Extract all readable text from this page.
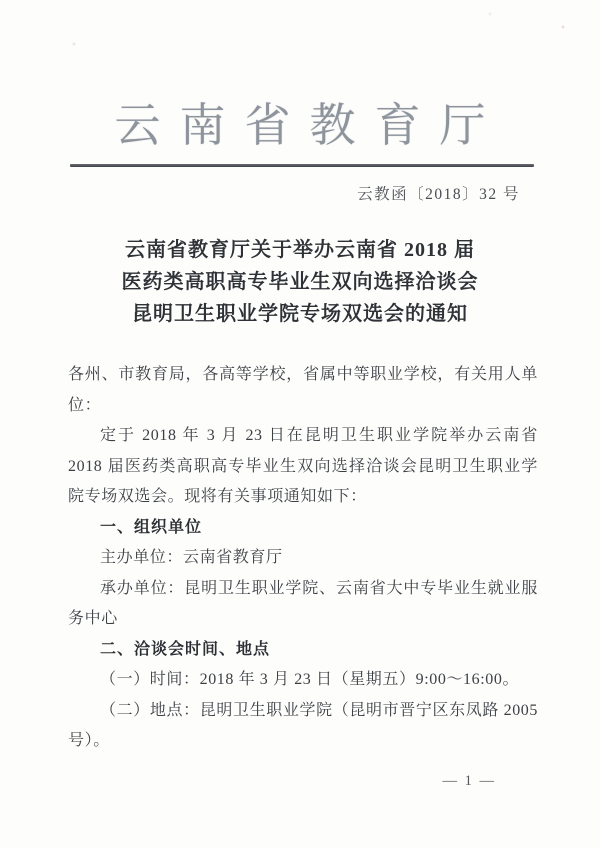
云南省教育厅
云教函〔2018〕32 号
云南省教育厅关于举办云南省 2018 届
医药类高职高专毕业生双向选择洽谈会
昆明卫生职业学院专场双选会的通知

各州、市教育局，各高等学校，省属中等职业学校，有关用人单位：

定于 2018 年 3 月 23 日在昆明卫生职业学院举办云南省 2018 届医药类高职高专毕业生双向选择洽谈会昆明卫生职业学院专场双选会。现将有关事项通知如下：

一、组织单位

主办单位：云南省教育厅

承办单位：昆明卫生职业学院、云南省大中专毕业生就业服务中心

二、洽谈会时间、地点

（一）时间：2018 年 3 月 23 日（星期五）9:00～16:00。

（二）地点：昆明卫生职业学院（昆明市晋宁区东凤路 2005 号）。

— 1 —
